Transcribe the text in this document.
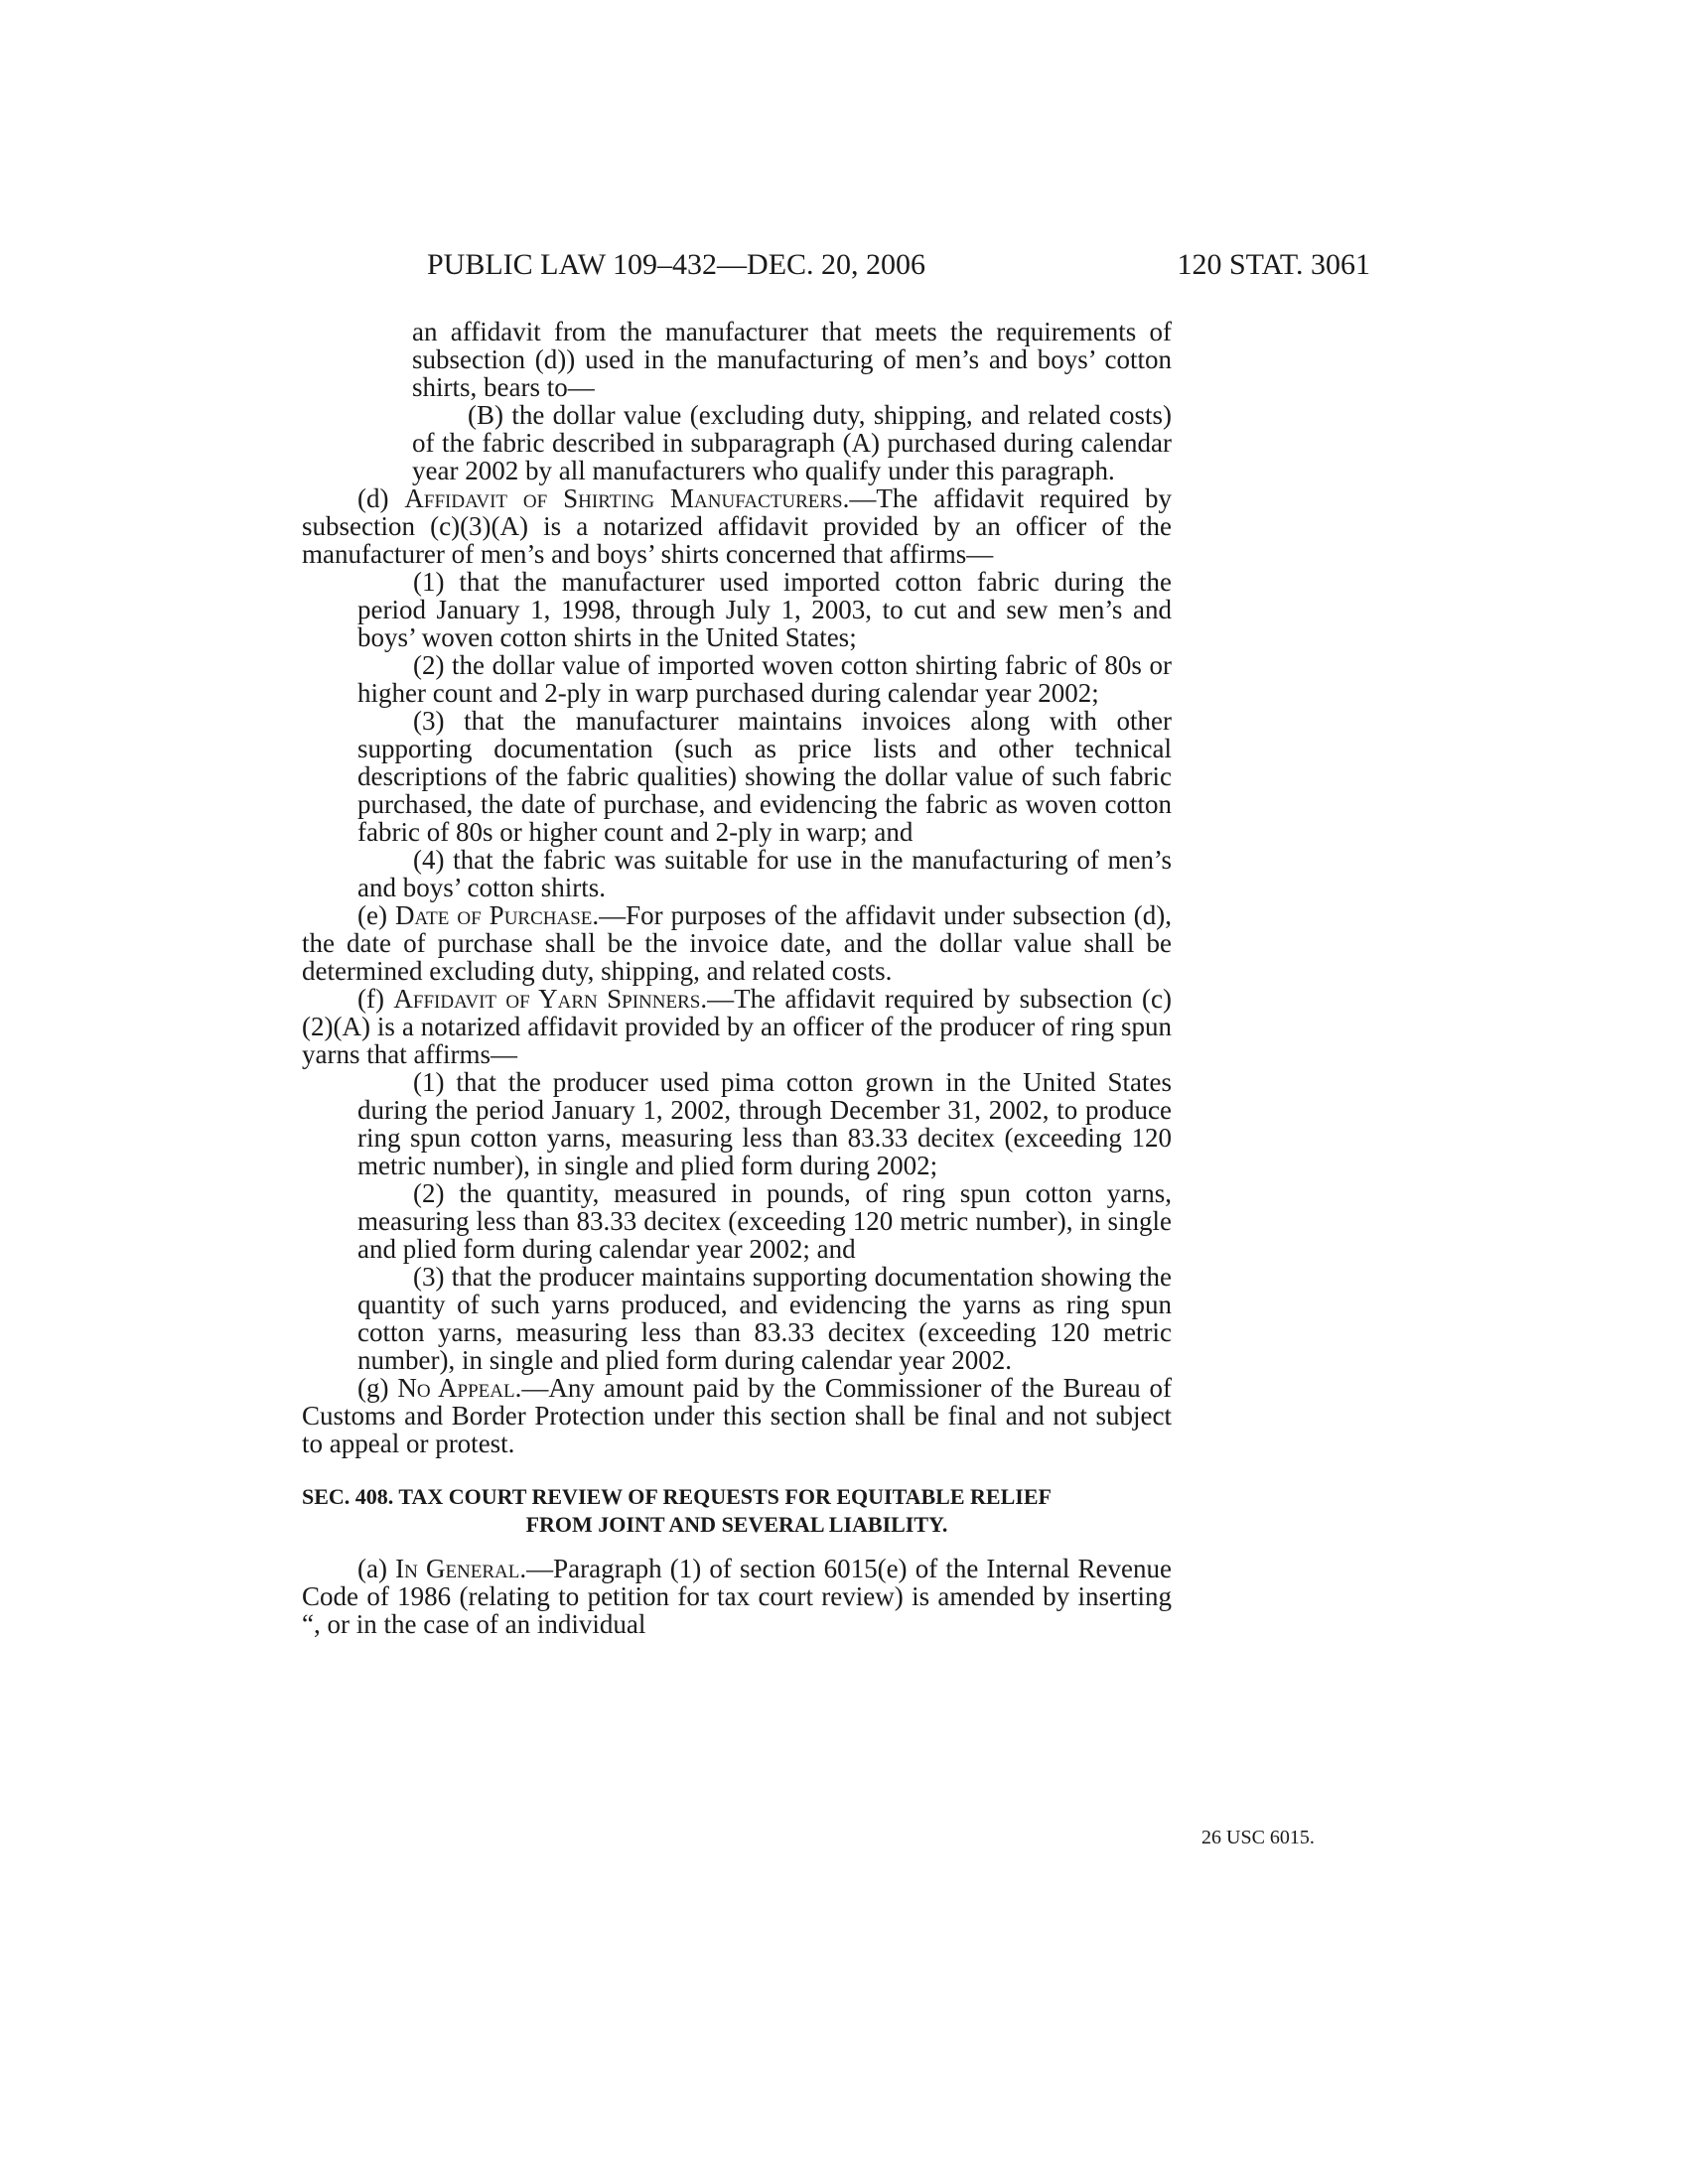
PUBLIC LAW 109–432—DEC. 20, 2006	120 STAT. 3061

an affidavit from the manufacturer that meets the requirements of subsection (d)) used in the manufacturing of men’s and boys’ cotton shirts, bears to—

(B) the dollar value (excluding duty, shipping, and related costs) of the fabric described in subparagraph (A) purchased during calendar year 2002 by all manufacturers who qualify under this paragraph.

(d) Affidavit of Shirting Manufacturers.—The affidavit required by subsection (c)(3)(A) is a notarized affidavit provided by an officer of the manufacturer of men’s and boys’ shirts concerned that affirms—

(1) that the manufacturer used imported cotton fabric during the period January 1, 1998, through July 1, 2003, to cut and sew men’s and boys’ woven cotton shirts in the United States;

(2) the dollar value of imported woven cotton shirting fabric of 80s or higher count and 2-ply in warp purchased during calendar year 2002;

(3) that the manufacturer maintains invoices along with other supporting documentation (such as price lists and other technical descriptions of the fabric qualities) showing the dollar value of such fabric purchased, the date of purchase, and evidencing the fabric as woven cotton fabric of 80s or higher count and 2-ply in warp; and

(4) that the fabric was suitable for use in the manufacturing of men’s and boys’ cotton shirts.

(e) Date of Purchase.—For purposes of the affidavit under subsection (d), the date of purchase shall be the invoice date, and the dollar value shall be determined excluding duty, shipping, and related costs.

(f) Affidavit of Yarn Spinners.—The affidavit required by subsection (c)(2)(A) is a notarized affidavit provided by an officer of the producer of ring spun yarns that affirms—

(1) that the producer used pima cotton grown in the United States during the period January 1, 2002, through December 31, 2002, to produce ring spun cotton yarns, measuring less than 83.33 decitex (exceeding 120 metric number), in single and plied form during 2002;

(2) the quantity, measured in pounds, of ring spun cotton yarns, measuring less than 83.33 decitex (exceeding 120 metric number), in single and plied form during calendar year 2002; and

(3) that the producer maintains supporting documentation showing the quantity of such yarns produced, and evidencing the yarns as ring spun cotton yarns, measuring less than 83.33 decitex (exceeding 120 metric number), in single and plied form during calendar year 2002.

(g) No Appeal.—Any amount paid by the Commissioner of the Bureau of Customs and Border Protection under this section shall be final and not subject to appeal or protest.

SEC. 408. TAX COURT REVIEW OF REQUESTS FOR EQUITABLE RELIEF
FROM JOINT AND SEVERAL LIABILITY.

(a) In General.—Paragraph (1) of section 6015(e) of the Internal Revenue Code of 1986 (relating to petition for tax court review) is amended by inserting “, or in the case of an individual

26 USC 6015.
